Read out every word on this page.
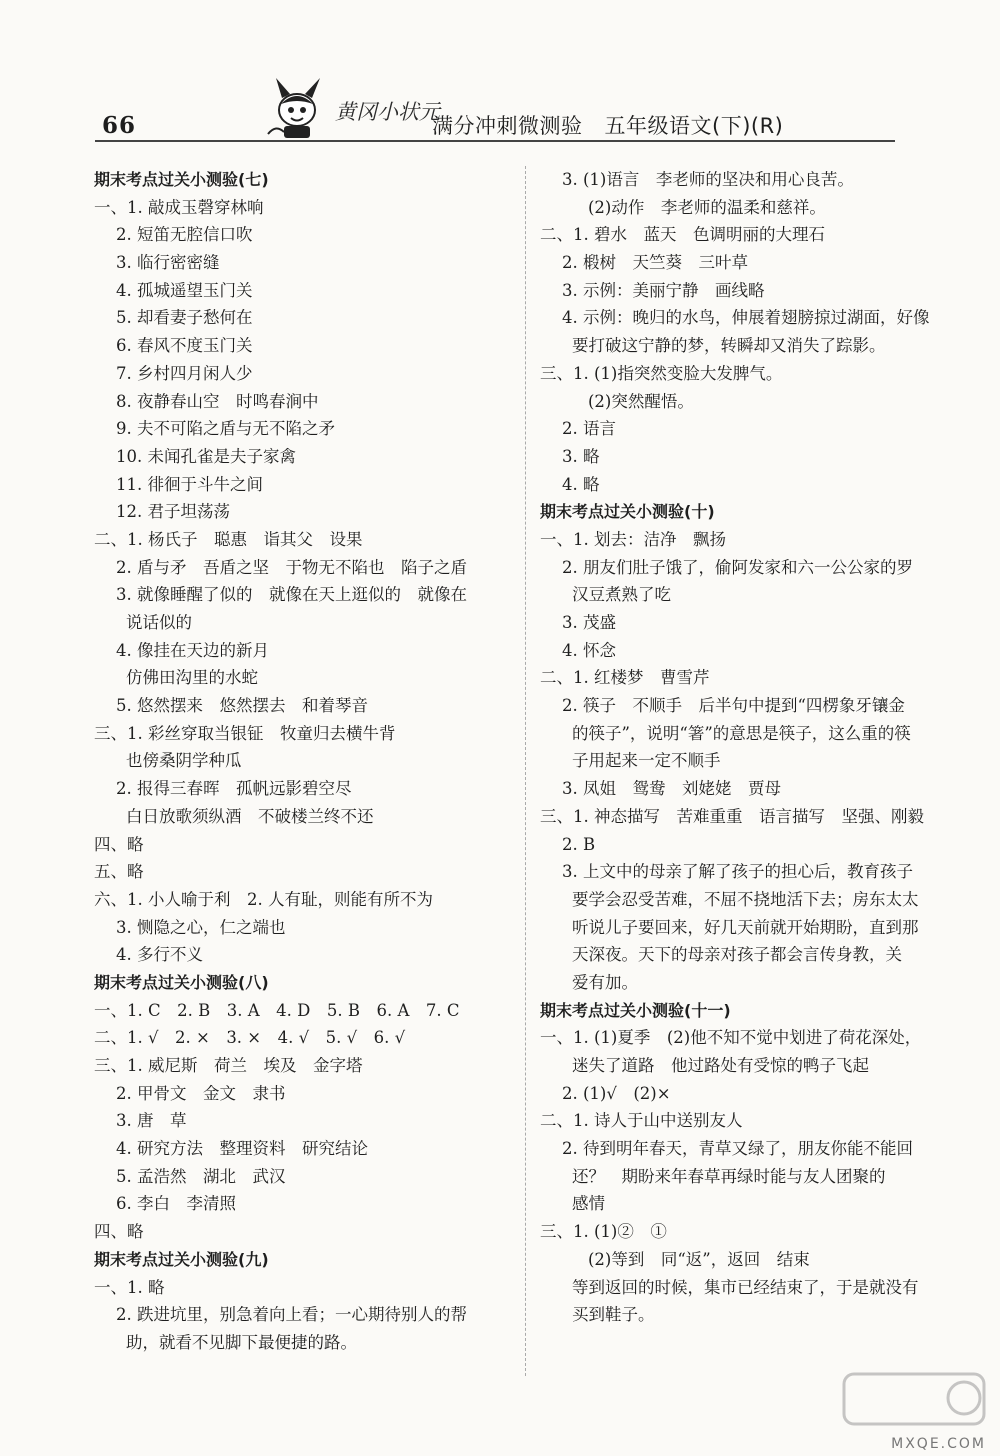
66	黄冈小状元
满分冲刺微测验 五年级语文(下)(R)
期末考点过关小测验(七)
一、1. 敲成玉磬穿林响
2. 短笛无腔信口吹
3. 临行密密缝
4. 孤城遥望玉门关
5. 却看妻子愁何在
6. 春风不度玉门关
7. 乡村四月闲人少
8. 夜静春山空　时鸣春涧中
9. 夫不可陷之盾与无不陷之矛
10. 未闻孔雀是夫子家禽
11. 徘徊于斗牛之间
12. 君子坦荡荡
二、1. 杨氏子　聪惠　诣其父　设果
2. 盾与矛　吾盾之坚　于物无不陷也　陷子之盾
3. 就像睡醒了似的　就像在天上逛似的　就像在
说话似的
4. 像挂在天边的新月
仿佛田沟里的水蛇
5. 悠然摆来　悠然摆去　和着琴音
三、1. 彩丝穿取当银钲　牧童归去横牛背
也傍桑阴学种瓜
2. 报得三春晖　孤帆远影碧空尽
白日放歌须纵酒　不破楼兰终不还
四、略
五、略
六、1. 小人喻于利　2. 人有耻，则能有所不为
3. 恻隐之心，仁之端也
4. 多行不义
期末考点过关小测验(八)
一、1. C　2. B　3. A　4. D　5. B　6. A　7. C
二、1. √　2. ×　3. ×　4. √　5. √　6. √
三、1. 威尼斯　荷兰　埃及　金字塔
2. 甲骨文　金文　隶书
3. 唐　草
4. 研究方法　整理资料　研究结论
5. 孟浩然　湖北　武汉
6. 李白　李清照
四、略
期末考点过关小测验(九)
一、1. 略
2. 跌进坑里，别急着向上看；一心期待别人的帮
助，就看不见脚下最便捷的路。
3. (1)语言　李老师的坚决和用心良苦。
(2)动作　李老师的温柔和慈祥。
二、1. 碧水　蓝天　色调明丽的大理石
2. 椴树　天竺葵　三叶草
3. 示例：美丽宁静　画线略
4. 示例：晚归的水鸟，伸展着翅膀掠过湖面，好像
要打破这宁静的梦，转瞬却又消失了踪影。
三、1. (1)指突然变脸大发脾气。
(2)突然醒悟。
2. 语言
3. 略
4. 略
期末考点过关小测验(十)
一、1. 划去：洁净　飘扬
2. 朋友们肚子饿了，偷阿发家和六一公公家的罗
汉豆煮熟了吃
3. 茂盛
4. 怀念
二、1. 红楼梦　曹雪芹
2. 筷子　不顺手　后半句中提到“四楞象牙镶金
的筷子”，说明“箸”的意思是筷子，这么重的筷
子用起来一定不顺手
3. 凤姐　鸳鸯　刘姥姥　贾母
三、1. 神态描写　苦难重重　语言描写　坚强、刚毅
2. B
3. 上文中的母亲了解了孩子的担心后，教育孩子
要学会忍受苦难，不屈不挠地活下去；房东太太
听说儿子要回来，好几天前就开始期盼，直到那
天深夜。天下的母亲对孩子都会言传身教，关
爱有加。
期末考点过关小测验(十一)
一、1. (1)夏季　(2)他不知不觉中划进了荷花深处，
迷失了道路　他过路处有受惊的鸭子飞起
2. (1)√　(2)×
二、1. 诗人于山中送别友人
2. 待到明年春天，青草又绿了，朋友你能不能回
还？　期盼来年春草再绿时能与友人团聚的
感情
三、1. (1)②　①
(2)等到　同“返”，返回　结束
等到返回的时候，集市已经结束了，于是就没有
买到鞋子。
MXQE.COM
